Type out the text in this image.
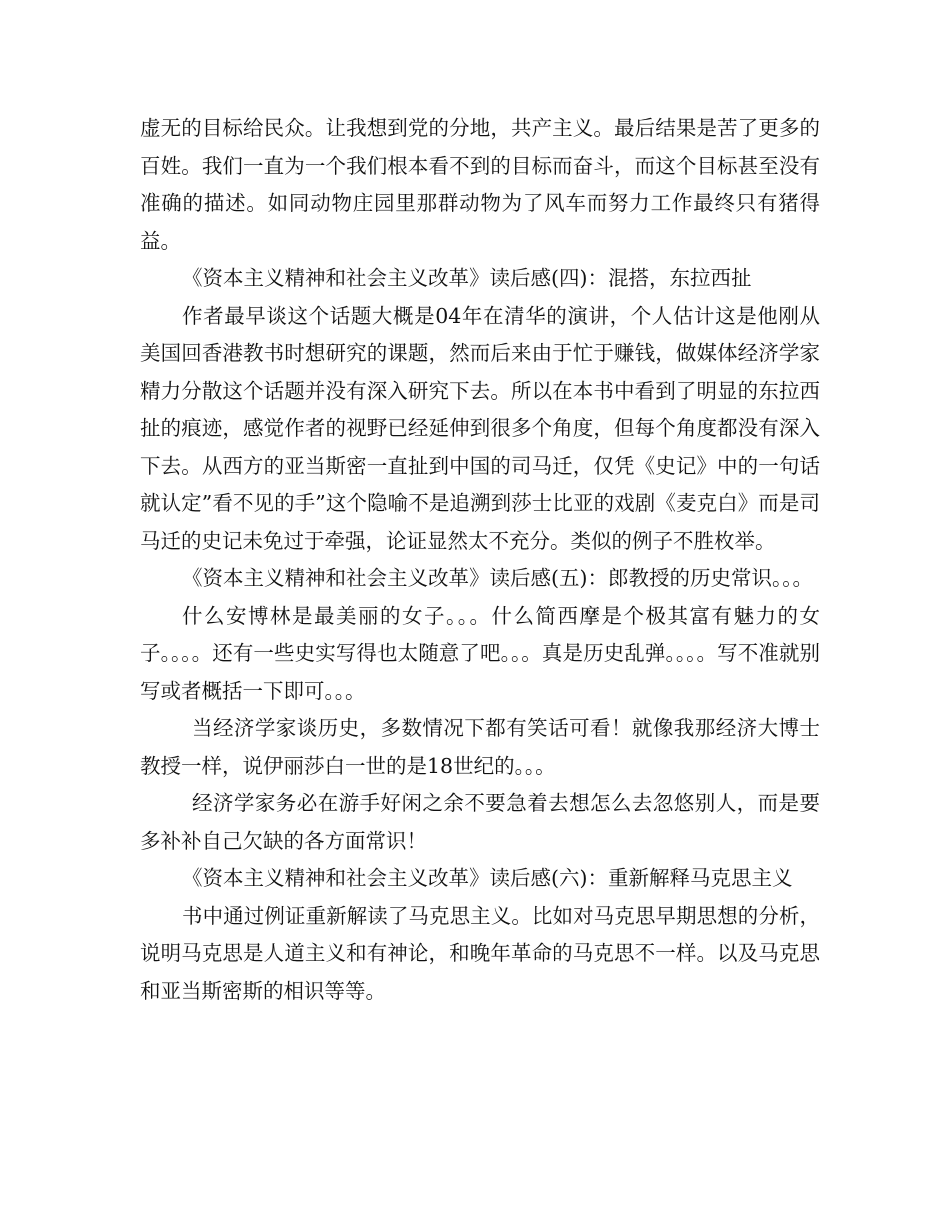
虚无的目标给民众。让我想到党的分地，共产主义。最后结果是苦了更多的百姓。我们一直为一个我们根本看不到的目标而奋斗，而这个目标甚至没有准确的描述。如同动物庄园里那群动物为了风车而努力工作最终只有猪得益。

《资本主义精神和社会主义改革》读后感(四)：混搭，东拉西扯

作者最早谈这个话题大概是04年在清华的演讲，个人估计这是他刚从美国回香港教书时想研究的课题，然而后来由于忙于赚钱，做媒体经济学家精力分散这个话题并没有深入研究下去。所以在本书中看到了明显的东拉西扯的痕迹，感觉作者的视野已经延伸到很多个角度，但每个角度都没有深入下去。从西方的亚当斯密一直扯到中国的司马迁，仅凭《史记》中的一句话就认定”看不见的手”这个隐喻不是追溯到莎士比亚的戏剧《麦克白》而是司马迁的史记未免过于牵强，论证显然太不充分。类似的例子不胜枚举。

《资本主义精神和社会主义改革》读后感(五)：郎教授的历史常识。。。

什么安博林是最美丽的女子。。。什么简西摩是个极其富有魅力的女子。。。。还有一些史实写得也太随意了吧。。。真是历史乱弹。。。。写不准就别写或者概括一下即可。。。

当经济学家谈历史，多数情况下都有笑话可看！就像我那经济大博士教授一样，说伊丽莎白一世的是18世纪的。。。

经济学家务必在游手好闲之余不要急着去想怎么去忽悠别人，而是要多补补自己欠缺的各方面常识！

《资本主义精神和社会主义改革》读后感(六)：重新解释马克思主义

书中通过例证重新解读了马克思主义。比如对马克思早期思想的分析，说明马克思是人道主义和有神论，和晚年革命的马克思不一样。以及马克思和亚当斯密斯的相识等等。
